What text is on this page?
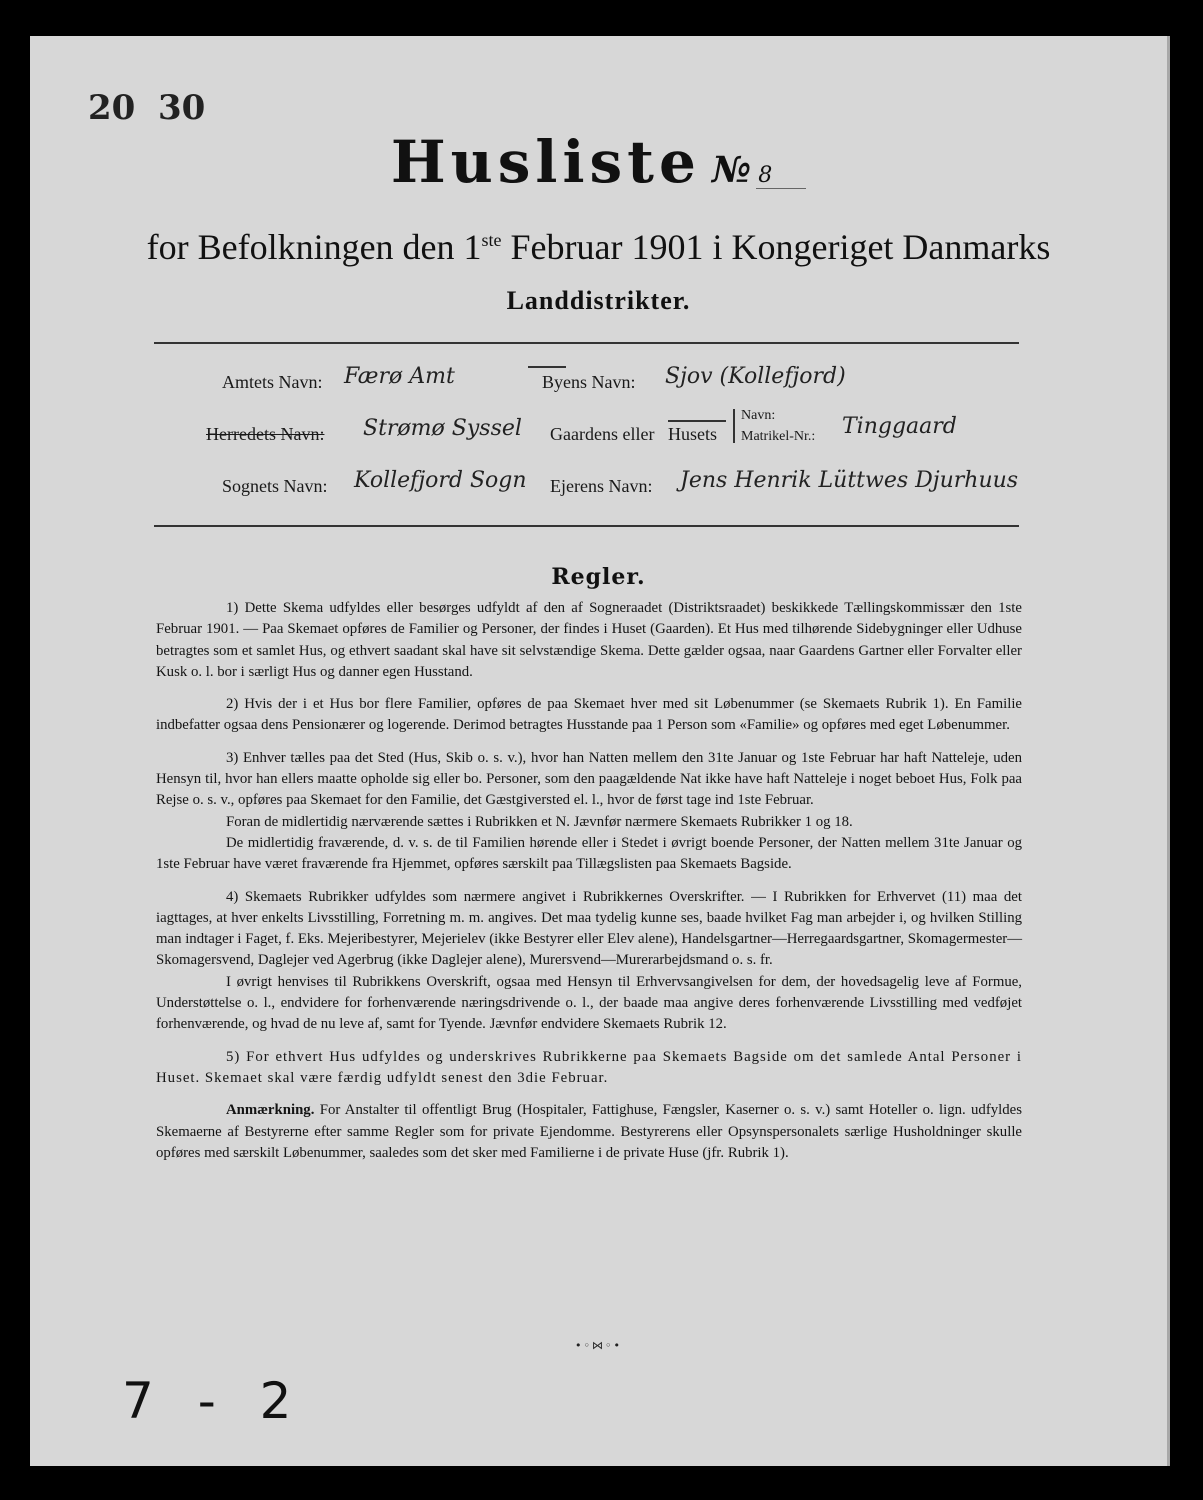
20 30
Husliste № 8
for Befolkningen den 1ste Februar 1901 i Kongeriget Danmarks
Landdistrikter.
Amtets Navn: Færø Amt
Herredets Navn: Strømø Syssel
Sognets Navn: Kollefjord Sogn
Byens Navn: Sjov (Kollefjord)
Gaardens eller Husets
Navn:
Matrikel-Nr.: Tinggaard
Ejerens Navn: Jens Henrik Lüttwes Djurhuus
Regler.

1) Dette Skema udfyldes eller besørges udfyldt af den af Sogneraadet (Distriktsraadet) beskikkede Tællingskommissær den 1ste Februar 1901. — Paa Skemaet opføres de Familier og Personer, der findes i Huset (Gaarden). Et Hus med tilhørende Sidebygninger eller Udhuse betragtes som et samlet Hus, og ethvert saadant skal have sit selvstændige Skema. Dette gælder ogsaa, naar Gaardens Gartner eller Forvalter eller Kusk o. l. bor i særligt Hus og danner egen Husstand.

2) Hvis der i et Hus bor flere Familier, opføres de paa Skemaet hver med sit Løbenummer (se Skemaets Rubrik 1). En Familie indbefatter ogsaa dens Pensionærer og logerende. Derimod betragtes Husstande paa 1 Person som «Familie» og opføres med eget Løbenummer.

3) Enhver tælles paa det Sted (Hus, Skib o. s. v.), hvor han Natten mellem den 31te Januar og 1ste Februar har haft Natteleje, uden Hensyn til, hvor han ellers maatte opholde sig eller bo. Personer, som den paagældende Nat ikke have haft Natteleje i noget beboet Hus, Folk paa Rejse o. s. v., opføres paa Skemaet for den Familie, det Gæstgiversted el. l., hvor de først tage ind 1ste Februar.

Foran de midlertidig nærværende sættes i Rubrikken et N. Jævnfør nærmere Skemaets Rubrikker 1 og 18.

De midlertidig fraværende, d. v. s. de til Familien hørende eller i Stedet i øvrigt boende Personer, der Natten mellem 31te Januar og 1ste Februar have været fraværende fra Hjemmet, opføres særskilt paa Tillægslisten paa Skemaets Bagside.

4) Skemaets Rubrikker udfyldes som nærmere angivet i Rubrikkernes Overskrifter. — I Rubrikken for Erhvervet (11) maa det iagttages, at hver enkelts Livsstilling, Forretning m. m. angives. Det maa tydelig kunne ses, baade hvilket Fag man arbejder i, og hvilken Stilling man indtager i Faget, f. Eks. Mejeribestyrer, Mejerielev (ikke Bestyrer eller Elev alene), Handelsgartner—Herregaardsgartner, Skomagermester—Skomagersvend, Daglejer ved Agerbrug (ikke Daglejer alene), Murersvend—Murerarbejdsmand o. s. fr.

I øvrigt henvises til Rubrikkens Overskrift, ogsaa med Hensyn til Erhvervsangivelsen for dem, der hovedsagelig leve af Formue, Understøttelse o. l., endvidere for forhenværende næringsdrivende o. l., der baade maa angive deres forhenværende Livsstilling med vedføjet forhenværende, og hvad de nu leve af, samt for Tyende. Jævnfør endvidere Skemaets Rubrik 12.

5) For ethvert Hus udfyldes og underskrives Rubrikkerne paa Skemaets Bagside om det samlede Antal Personer i Huset. Skemaet skal være færdig udfyldt senest den 3die Februar.

Anmærkning. For Anstalter til offentligt Brug (Hospitaler, Fattighuse, Fængsler, Kaserner o. s. v.) samt Hoteller o. lign. udfyldes Skemaerne af Bestyrerne efter samme Regler som for private Ejendomme. Bestyrerens eller Opsynspersonalets særlige Husholdninger skulle opføres med særskilt Løbenummer, saaledes som det sker med Familierne i de private Huse (jfr. Rubrik 1).

•◦⋈◦•
7 - 2
